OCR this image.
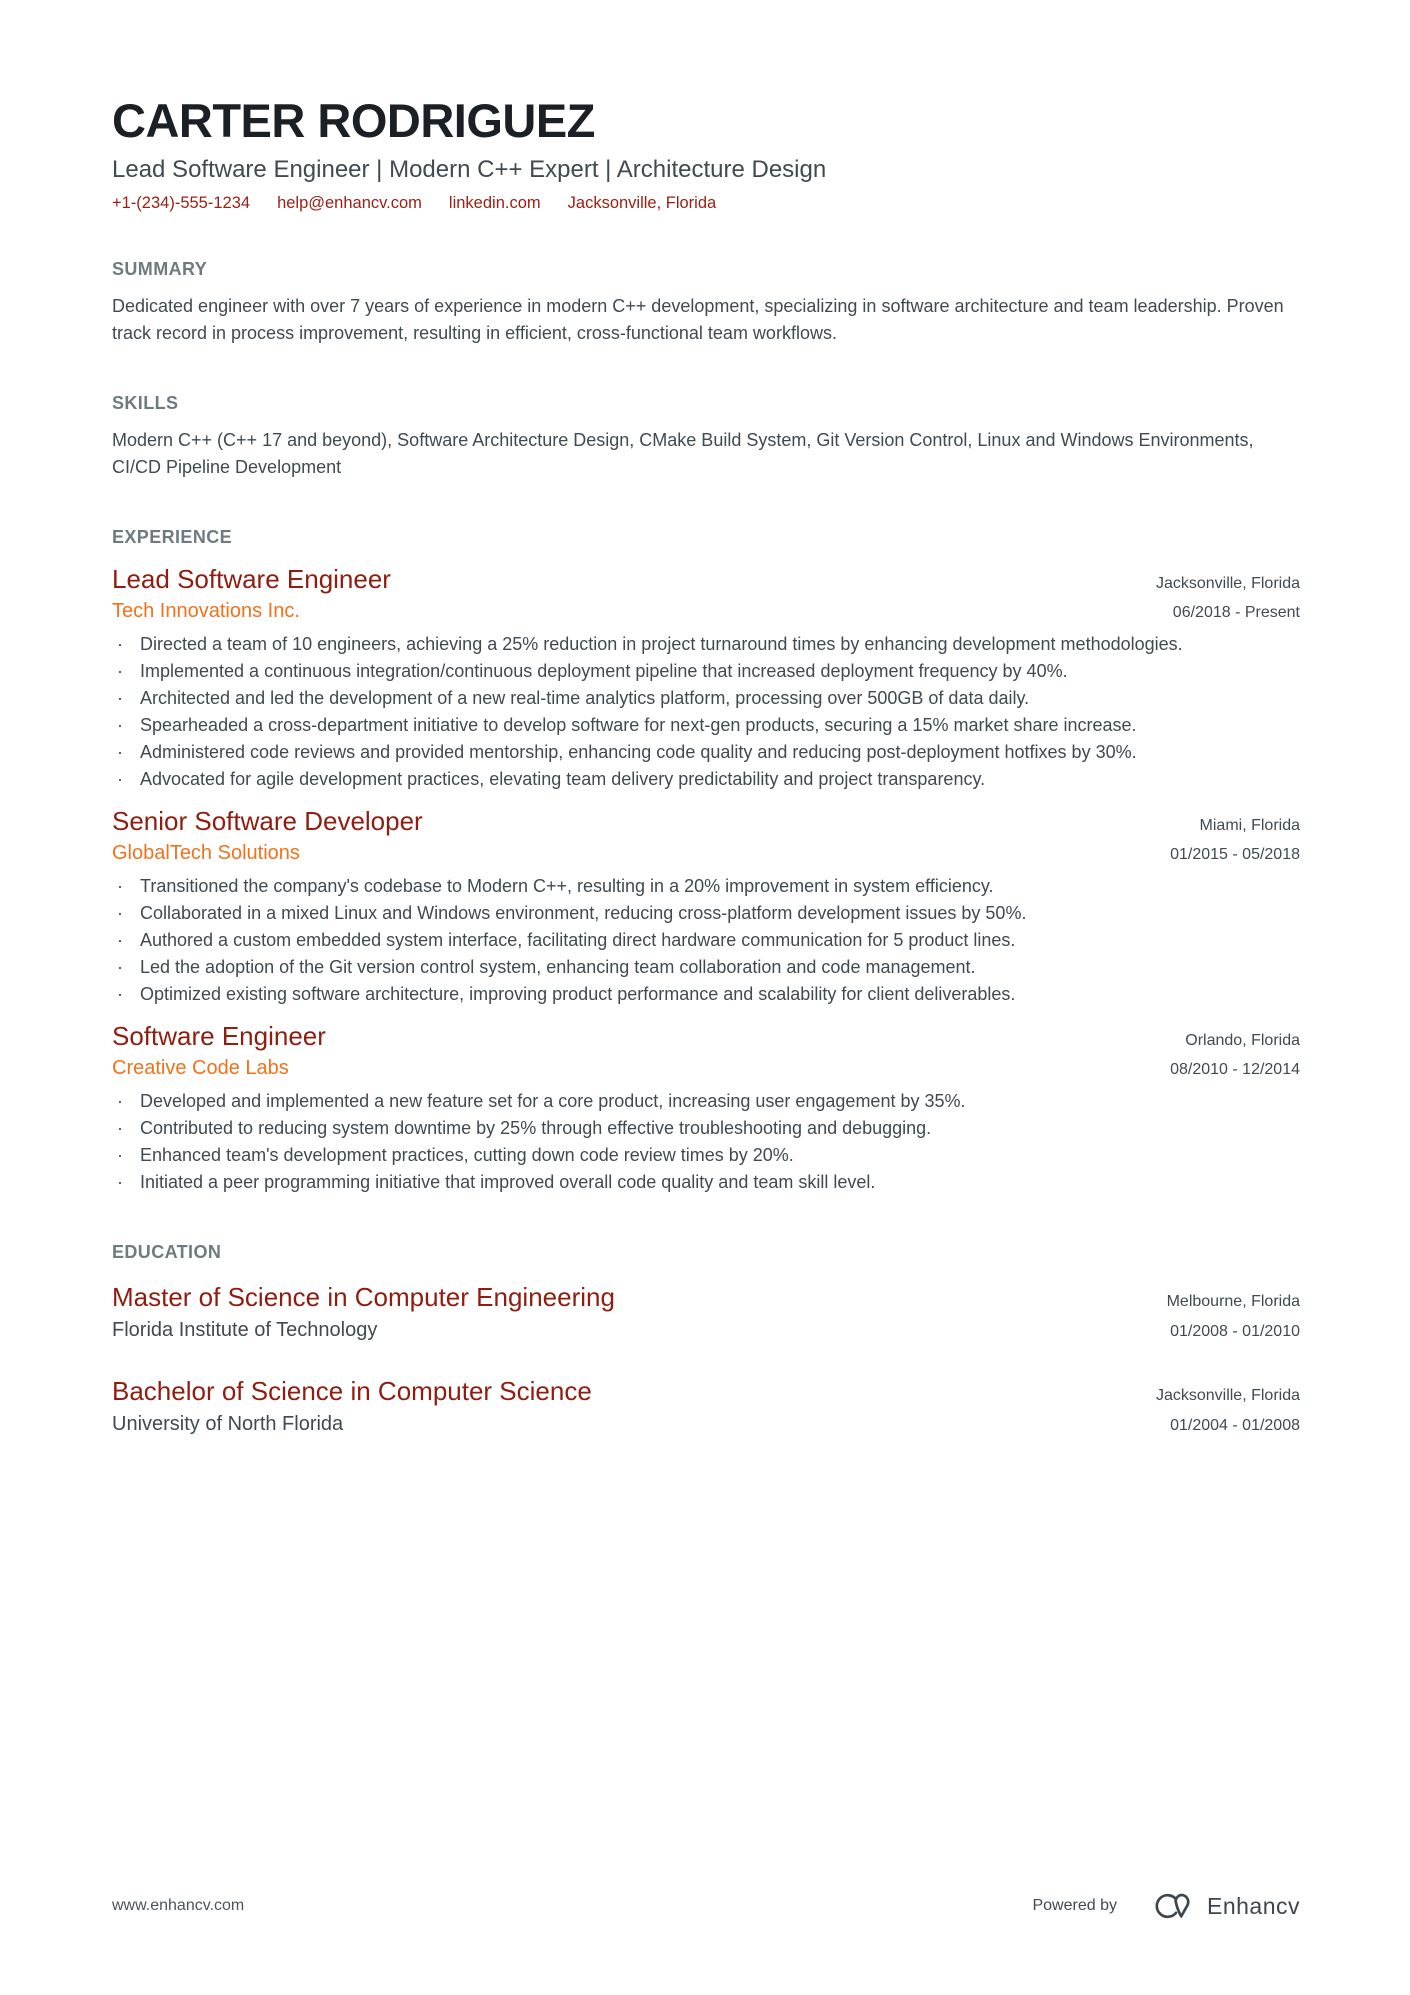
CARTER RODRIGUEZ
Lead Software Engineer | Modern C++ Expert | Architecture Design
+1-(234)-555-1234 help@enhancv.com linkedin.com Jacksonville, Florida
SUMMARY

Dedicated engineer with over 7 years of experience in modern C++ development, specializing in software architecture and team leadership. Proven track record in process improvement, resulting in efficient, cross-functional team workflows.

SKILLS

Modern C++ (C++ 17 and beyond), Software Architecture Design, CMake Build System, Git Version Control, Linux and Windows Environments, CI/CD Pipeline Development

EXPERIENCE
Lead Software Engineer	Jacksonville, Florida
Tech Innovations Inc.	06/2018 - Present
· Directed a team of 10 engineers, achieving a 25% reduction in project turnaround times by enhancing development methodologies.
· Implemented a continuous integration/continuous deployment pipeline that increased deployment frequency by 40%.
· Architected and led the development of a new real-time analytics platform, processing over 500GB of data daily.
· Spearheaded a cross-department initiative to develop software for next-gen products, securing a 15% market share increase.
· Administered code reviews and provided mentorship, enhancing code quality and reducing post-deployment hotfixes by 30%.
· Advocated for agile development practices, elevating team delivery predictability and project transparency.
Senior Software Developer	Miami, Florida
GlobalTech Solutions	01/2015 - 05/2018
· Transitioned the company's codebase to Modern C++, resulting in a 20% improvement in system efficiency.
· Collaborated in a mixed Linux and Windows environment, reducing cross-platform development issues by 50%.
· Authored a custom embedded system interface, facilitating direct hardware communication for 5 product lines.
· Led the adoption of the Git version control system, enhancing team collaboration and code management.
· Optimized existing software architecture, improving product performance and scalability for client deliverables.
Software Engineer	Orlando, Florida
Creative Code Labs	08/2010 - 12/2014
· Developed and implemented a new feature set for a core product, increasing user engagement by 35%.
· Contributed to reducing system downtime by 25% through effective troubleshooting and debugging.
· Enhanced team's development practices, cutting down code review times by 20%.
· Initiated a peer programming initiative that improved overall code quality and team skill level.
EDUCATION
Master of Science in Computer Engineering	Melbourne, Florida
Florida Institute of Technology	01/2008 - 01/2010
Bachelor of Science in Computer Science	Jacksonville, Florida
University of North Florida	01/2004 - 01/2008
www.enhancv.com	Powered by	Enhancv
